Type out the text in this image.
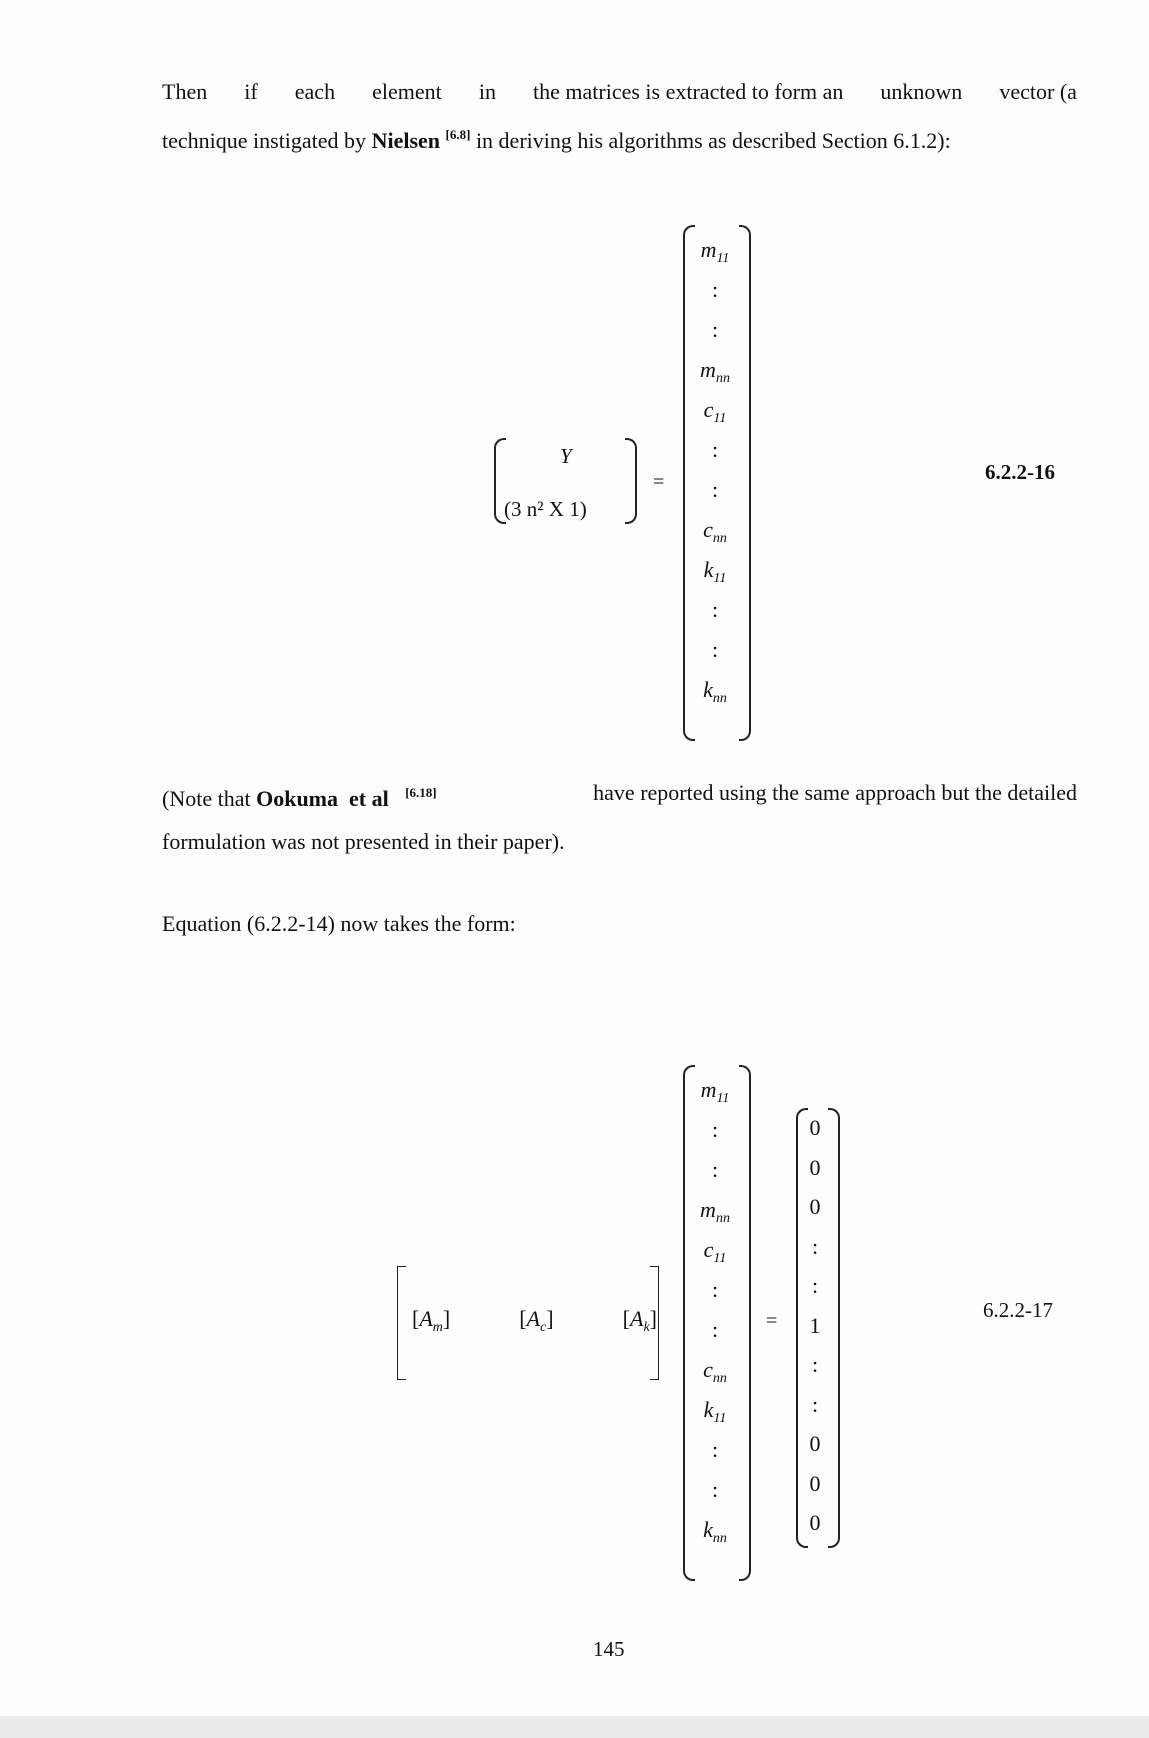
Then if each element in the matrices is extracted to form an unknown vector (a
technique instigated by Nielsen [6.8] in deriving his algorithms as described Section 6.1.2):
Y
(3 n² X 1)
=
$m_{11}$
:
:
$m_{nn}$
$c_{11}$
:
:
$c_{nn}$
$k_{11}$
:
:
$k_{nn}$
6.2.2-16
(Note that Ookuma et al [6.18]	have reported using the same approach but the detailed
formulation was not presented in their paper).
Equation (6.2.2-14) now takes the form:
$[A_m]$	$[A_c]$	$[A_k]$
$m_{11}$
:
:
$m_{nn}$
$c_{11}$
:
:
$c_{nn}$
$k_{11}$
:
:
$k_{nn}$
=
0
0
0
:
:
1
:
:
0
0
0
6.2.2-17
145
